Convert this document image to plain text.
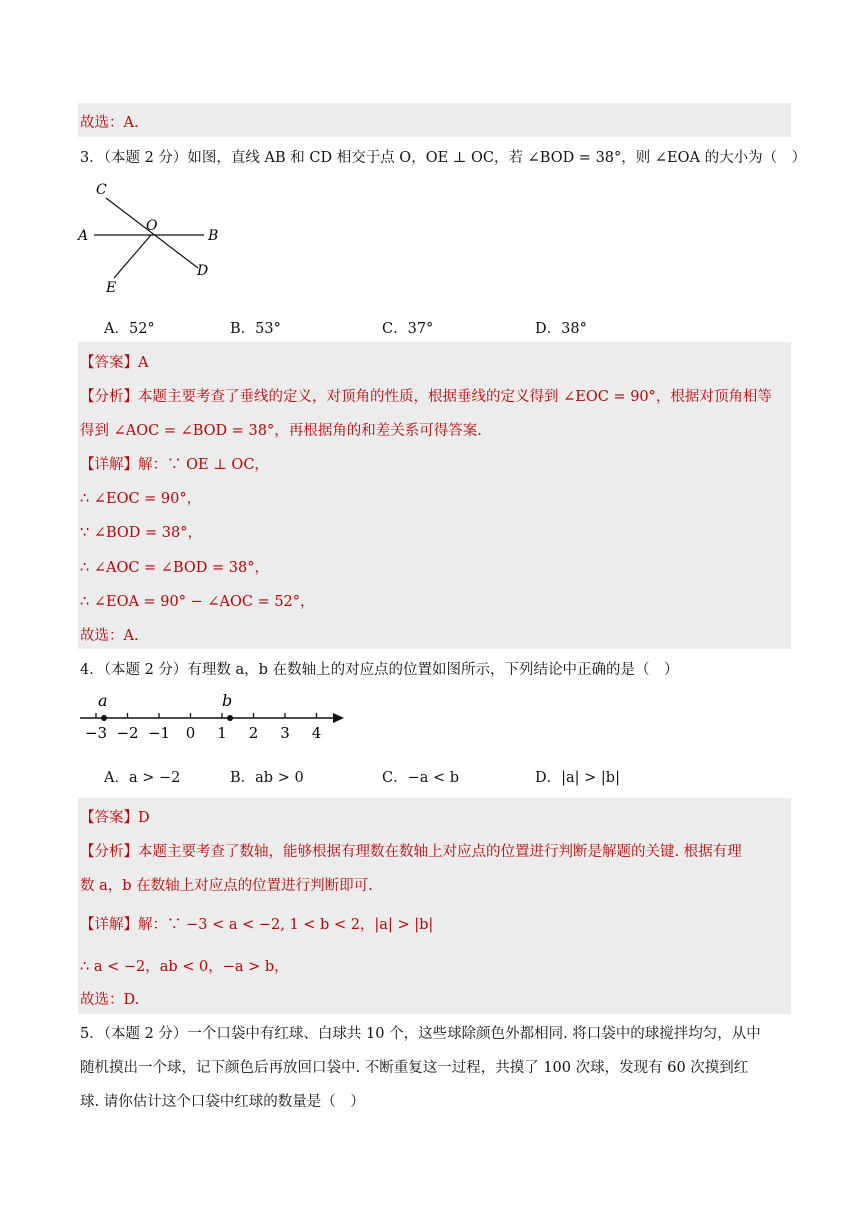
故选：A.
3．（本题 2 分）如图，直线 AB 和 CD 相交于点 O，OE ⊥ OC，若 ∠BOD = 38°，则 ∠EOA 的大小为（　）
C
A
O
B
D
E
A．52°	B．53°	C．37°	D．38°
【答案】A
【分析】本题主要考查了垂线的定义，对顶角的性质，根据垂线的定义得到 ∠EOC = 90°，根据对顶角相等
得到 ∠AOC = ∠BOD = 38°，再根据角的和差关系可得答案.
【详解】解：∵ OE ⊥ OC，
∴ ∠EOC = 90°，
∵ ∠BOD = 38°，
∴ ∠AOC = ∠BOD = 38°，
∴ ∠EOA = 90° − ∠AOC = 52°，
故选：A.
4．（本题 2 分）有理数 a，b 在数轴上的对应点的位置如图所示，下列结论中正确的是（　）
−3 −2 −1 0 1 2 3 4
a	b
A．a > −2	B．ab > 0	C．−a < b	D．|a| > |b|
【答案】D
【分析】本题主要考查了数轴，能够根据有理数在数轴上对应点的位置进行判断是解题的关键. 根据有理
数 a，b 在数轴上对应点的位置进行判断即可.
【详解】解：∵ −3 < a < −2, 1 < b < 2，|a| > |b|
∴ a < −2，ab < 0，−a > b，
故选：D.
5．（本题 2 分）一个口袋中有红球、白球共 10 个，这些球除颜色外都相同. 将口袋中的球搅拌均匀，从中
随机摸出一个球，记下颜色后再放回口袋中. 不断重复这一过程，共摸了 100 次球，发现有 60 次摸到红
球. 请你估计这个口袋中红球的数量是（　）
